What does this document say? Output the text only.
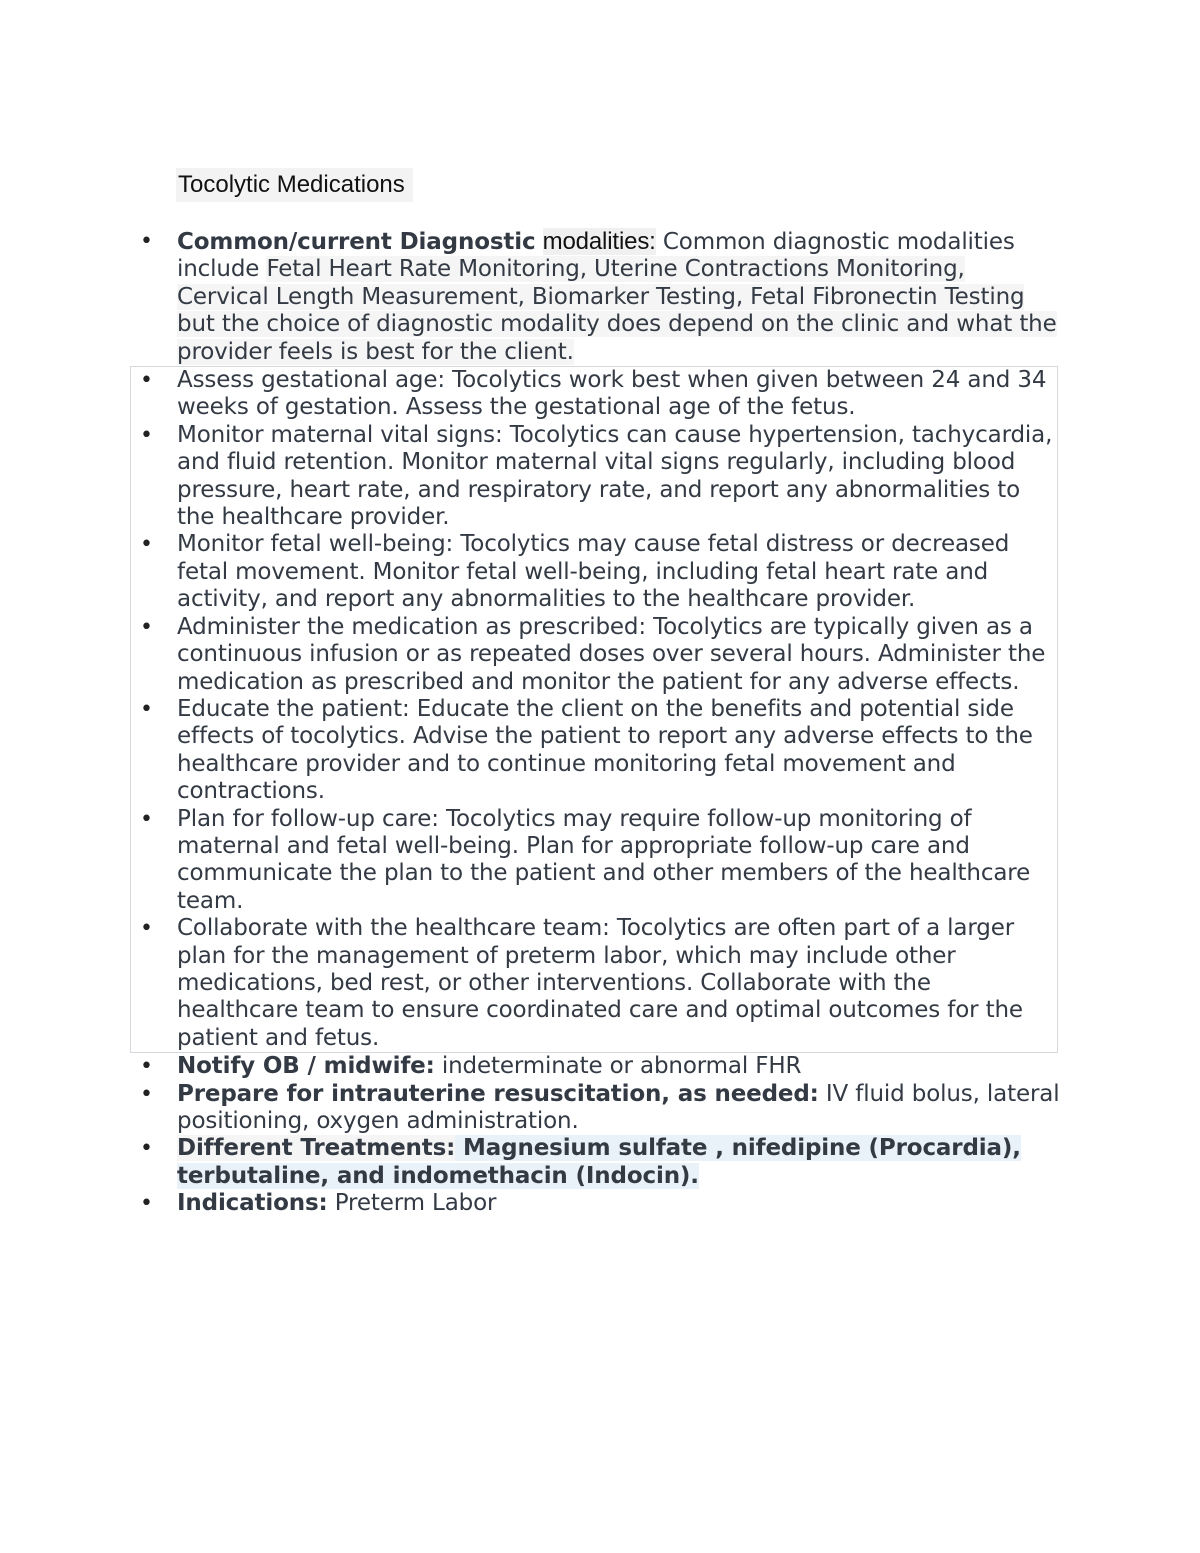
Tocolytic Medications
• Common/current Diagnostic modalities: Common diagnostic modalities include Fetal Heart Rate Monitoring, Uterine Contractions Monitoring, Cervical Length Measurement, Biomarker Testing, Fetal Fibronectin Testing but the choice of diagnostic modality does depend on the clinic and what the provider feels is best for the client.
• Assess gestational age: Tocolytics work best when given between 24 and 34 weeks of gestation. Assess the gestational age of the fetus.
• Monitor maternal vital signs: Tocolytics can cause hypertension, tachycardia, and fluid retention. Monitor maternal vital signs regularly, including blood pressure, heart rate, and respiratory rate, and report any abnormalities to the healthcare provider.
• Monitor fetal well-being: Tocolytics may cause fetal distress or decreased fetal movement. Monitor fetal well-being, including fetal heart rate and activity, and report any abnormalities to the healthcare provider.
• Administer the medication as prescribed: Tocolytics are typically given as a continuous infusion or as repeated doses over several hours. Administer the medication as prescribed and monitor the patient for any adverse effects.
• Educate the patient: Educate the client on the benefits and potential side effects of tocolytics. Advise the patient to report any adverse effects to the healthcare provider and to continue monitoring fetal movement and contractions.
• Plan for follow-up care: Tocolytics may require follow-up monitoring of maternal and fetal well-being. Plan for appropriate follow-up care and communicate the plan to the patient and other members of the healthcare team.
• Collaborate with the healthcare team: Tocolytics are often part of a larger plan for the management of preterm labor, which may include other medications, bed rest, or other interventions. Collaborate with the healthcare team to ensure coordinated care and optimal outcomes for the patient and fetus.
• Notify OB / midwife: indeterminate or abnormal FHR
• Prepare for intrauterine resuscitation, as needed: IV fluid bolus, lateral positioning, oxygen administration.
• Different Treatments: Magnesium sulfate , nifedipine (Procardia), terbutaline, and indomethacin (Indocin).
• Indications: Preterm Labor
